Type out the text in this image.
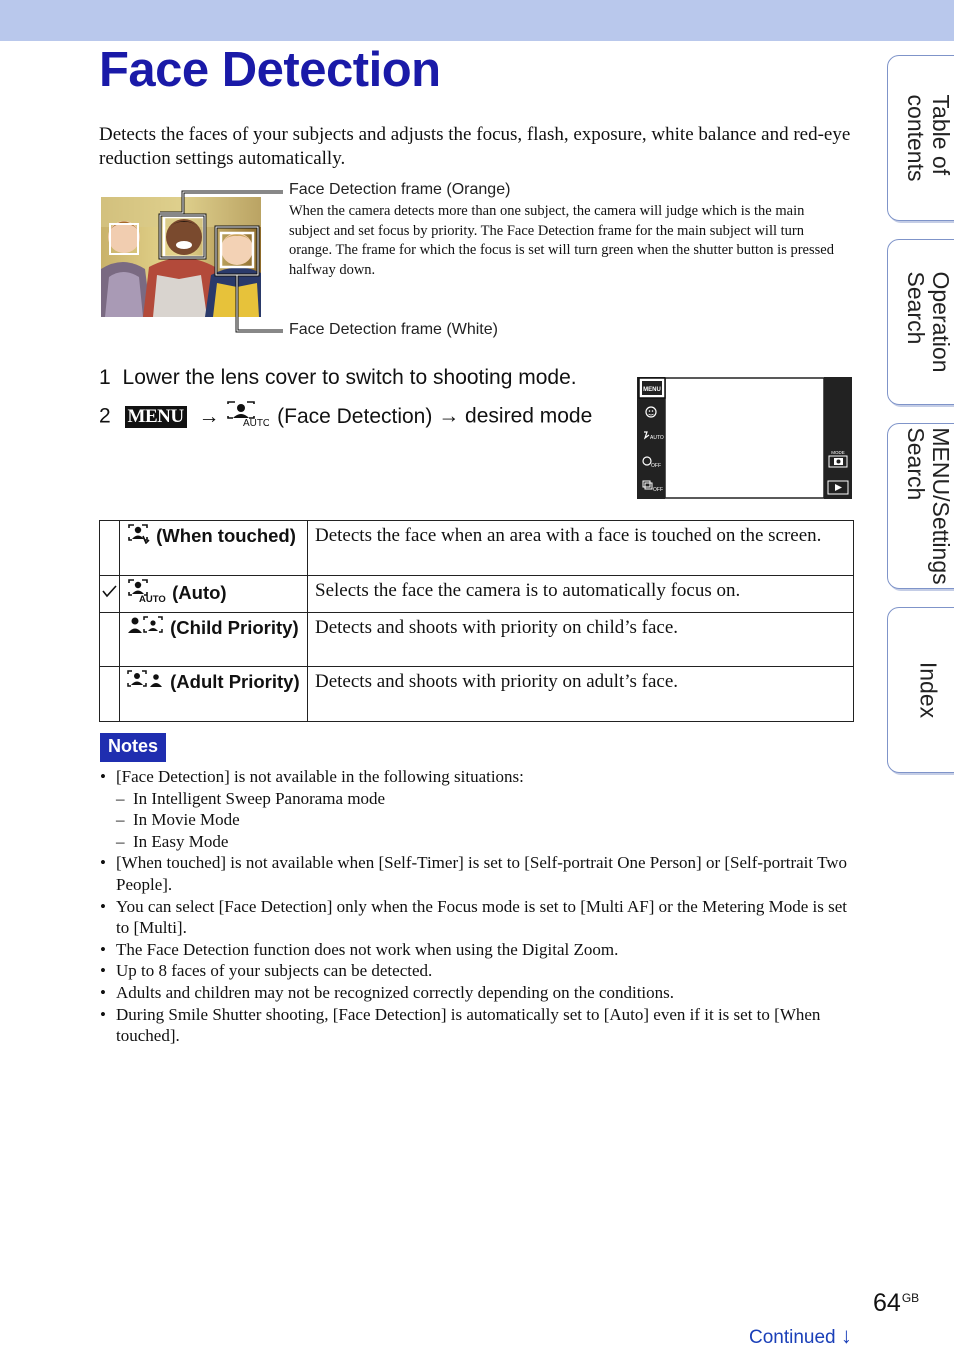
Face Detection
Detects the faces of your subjects and adjusts the focus, flash, exposure, white balance and red-eye reduction settings automatically.
Face Detection frame (Orange)
When the camera detects more than one subject, the camera will judge which is the main subject and set focus by priority. The Face Detection frame for the main subject will turn orange. The frame for which the focus is set will turn green when the shutter button is pressed halfway down.
Face Detection frame (White)
1 Lower the lens cover to switch to shooting mode.
2 MENU → AUTO (Face Detection) → desired mode
MENU
AUTO
OFF
OFF
MODE
	(When touched)	Detects the face when an area with a face is touched on the screen.

AUTO (Auto)	Selects the face the camera is to automatically focus on.
	(Child Priority)	Detects and shoots with priority on child’s face.
	(Adult Priority)	Detects and shoots with priority on adult’s face.
Notes
• [Face Detection] is not available in the following situations:
– In Intelligent Sweep Panorama mode
– In Movie Mode
– In Easy Mode
• [When touched] is not available when [Self-Timer] is set to [Self-portrait One Person] or [Self-portrait Two People].
• You can select [Face Detection] only when the Focus mode is set to [Multi AF] or the Metering Mode is set to [Multi].
• The Face Detection function does not work when using the Digital Zoom.
• Up to 8 faces of your subjects can be detected.
• Adults and children may not be recognized correctly depending on the conditions.
• During Smile Shutter shooting, [Face Detection] is automatically set to [Auto] even if it is set to [When touched].
Table of
contents
Operation
Search
MENU/Settings
Search
Index
$64^{GB}$
Continued ↓
